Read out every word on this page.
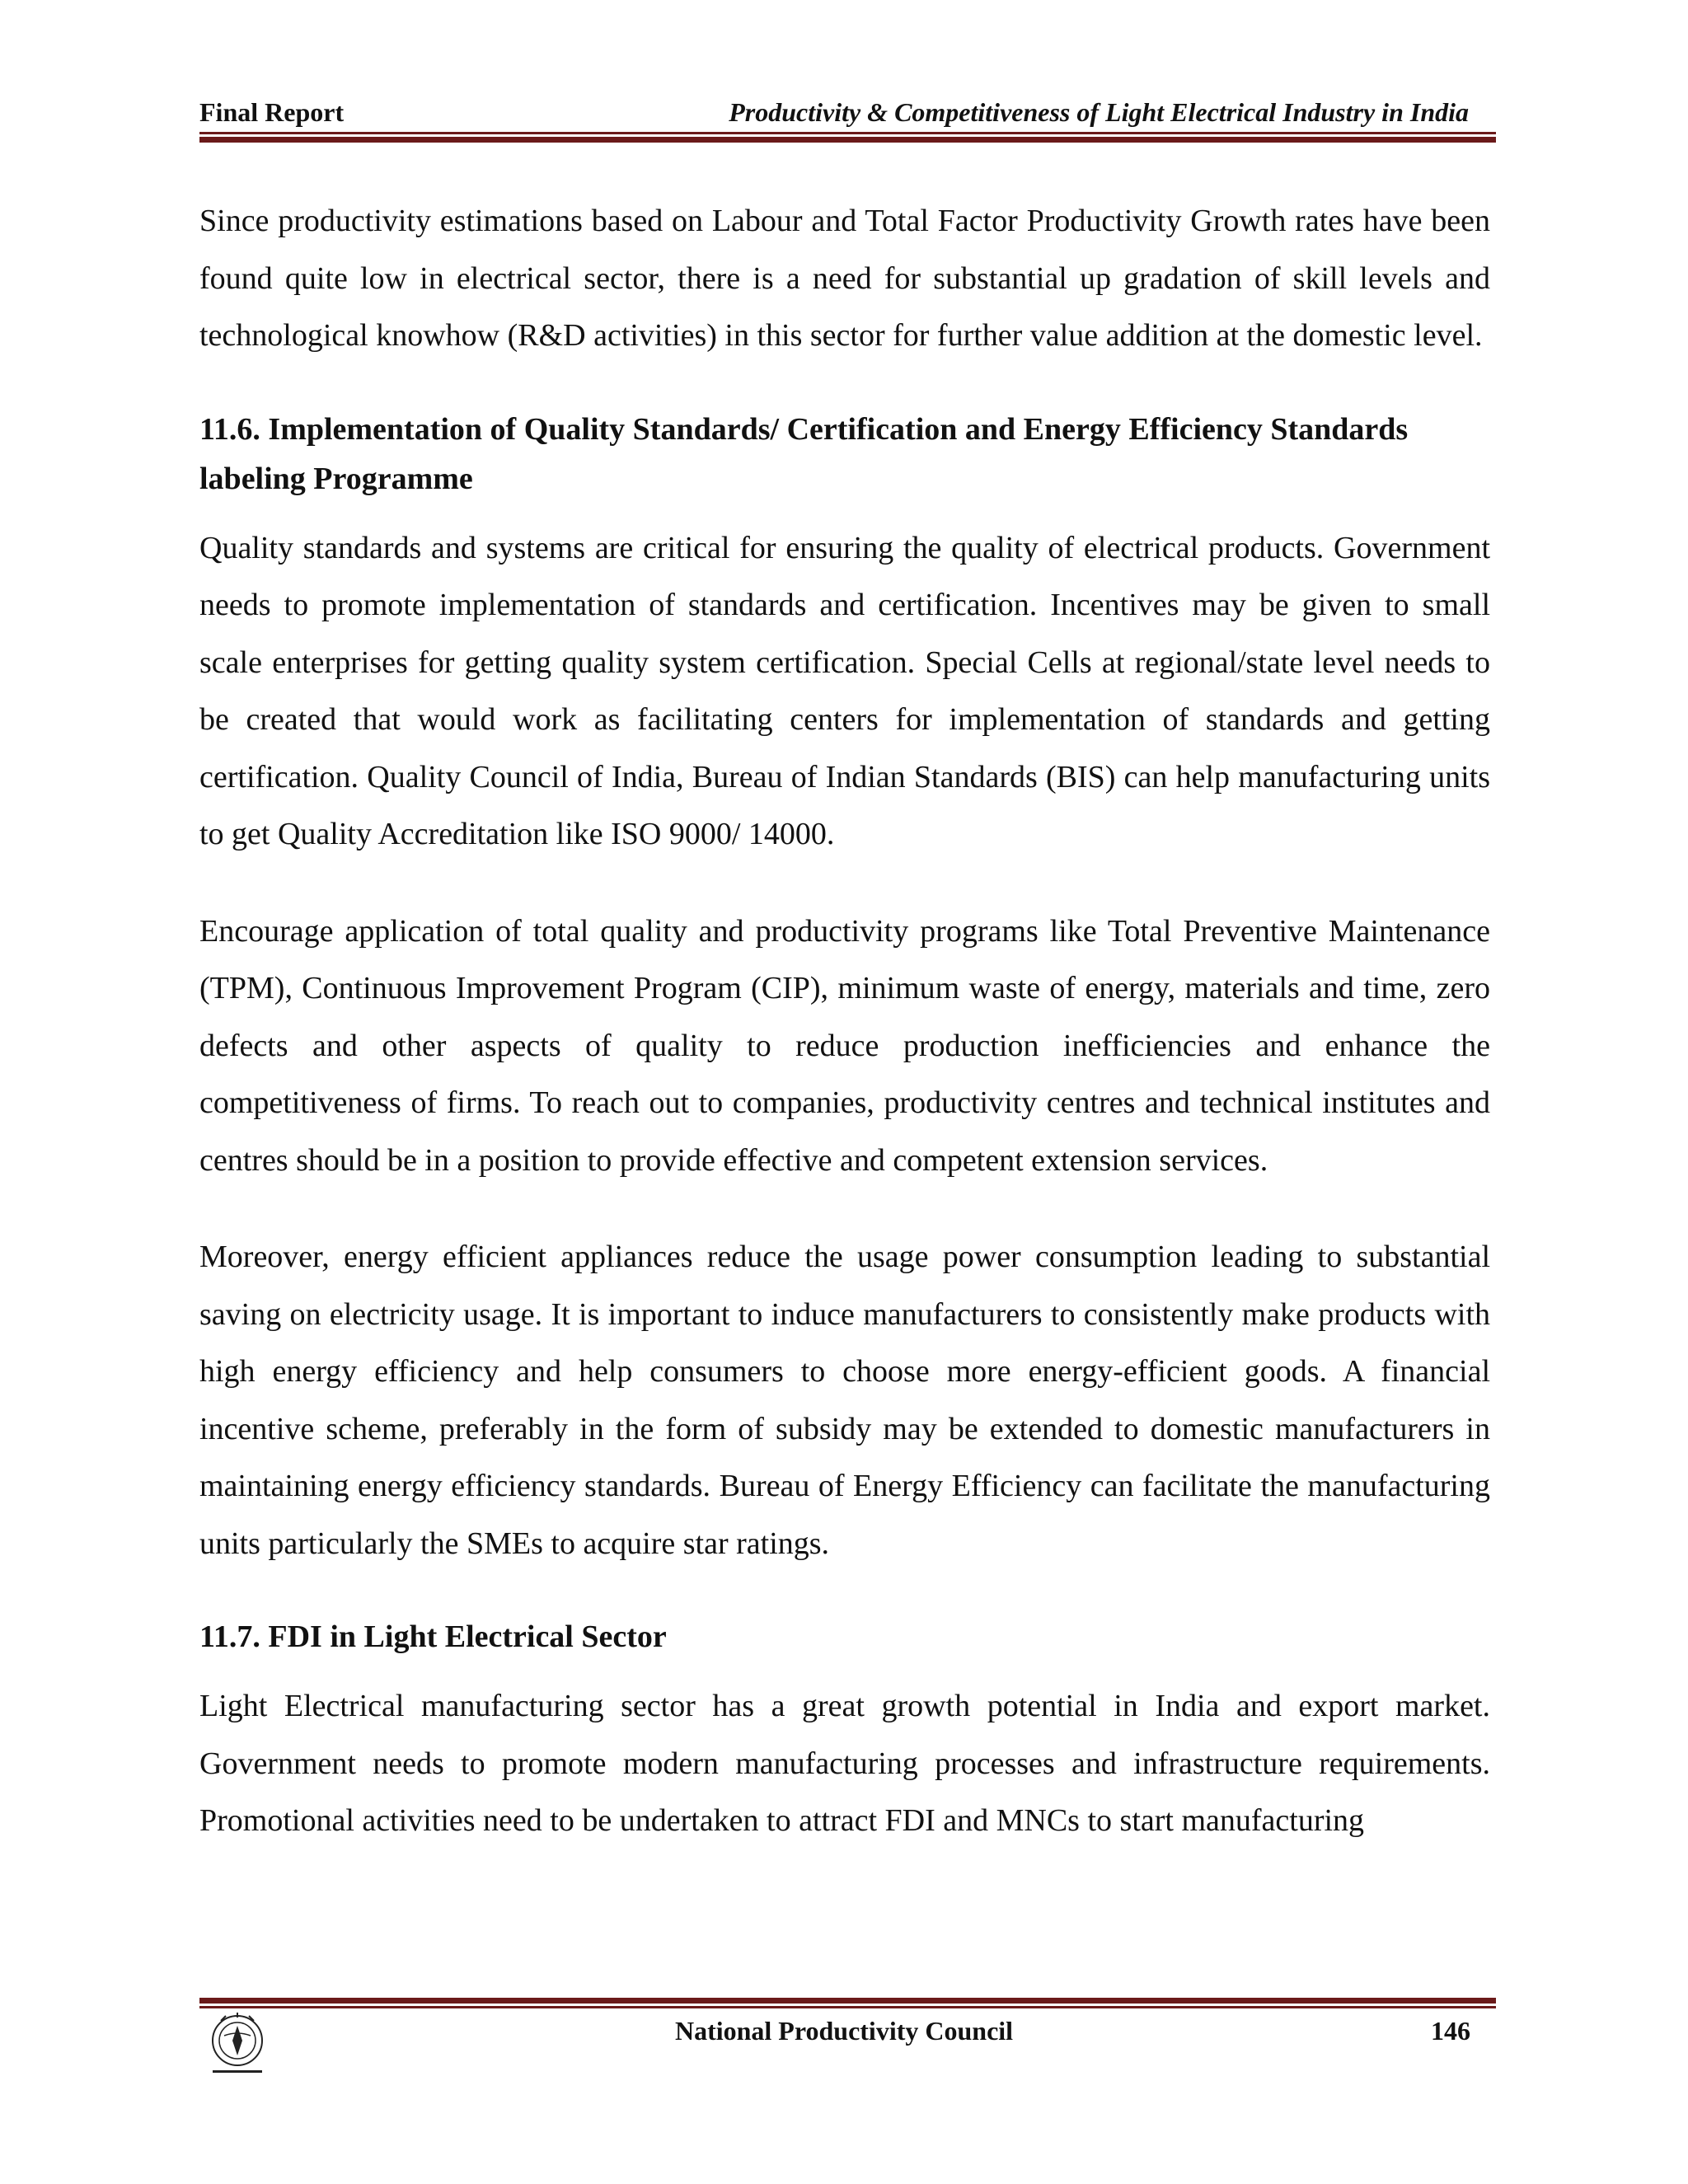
Final Report	Productivity & Competitiveness of Light Electrical Industry in India

Since productivity estimations based on Labour and Total Factor Productivity Growth rates have been found quite low in electrical sector, there is a need for substantial up gradation of skill levels and technological knowhow (R&D activities) in this sector for further value addition at the domestic level.

11.6. Implementation of Quality Standards/ Certification and Energy Efficiency Standards labeling Programme

Quality standards and systems are critical for ensuring the quality of electrical products. Government needs to promote implementation of standards and certification. Incentives may be given to small scale enterprises for getting quality system certification. Special Cells at regional/state level needs to be created that would work as facilitating centers for implementation of standards and getting certification. Quality Council of India, Bureau of Indian Standards (BIS) can help manufacturing units to get Quality Accreditation like ISO 9000/ 14000.

Encourage application of total quality and productivity programs like Total Preventive Maintenance (TPM), Continuous Improvement Program (CIP), minimum waste of energy, materials and time, zero defects and other aspects of quality to reduce production inefficiencies and enhance the competitiveness of firms. To reach out to companies, productivity centres and technical institutes and centres should be in a position to provide effective and competent extension services.

Moreover, energy efficient appliances reduce the usage power consumption leading to substantial saving on electricity usage. It is important to induce manufacturers to consistently make products with high energy efficiency and help consumers to choose more energy-efficient goods. A financial incentive scheme, preferably in the form of subsidy may be extended to domestic manufacturers in maintaining energy efficiency standards. Bureau of Energy Efficiency can facilitate the manufacturing units particularly the SMEs to acquire star ratings.

11.7. FDI in Light Electrical Sector

Light Electrical manufacturing sector has a great growth potential in India and export market. Government needs to promote modern manufacturing processes and infrastructure requirements. Promotional activities need to be undertaken to attract FDI and MNCs to start manufacturing

National Productivity Council	146
